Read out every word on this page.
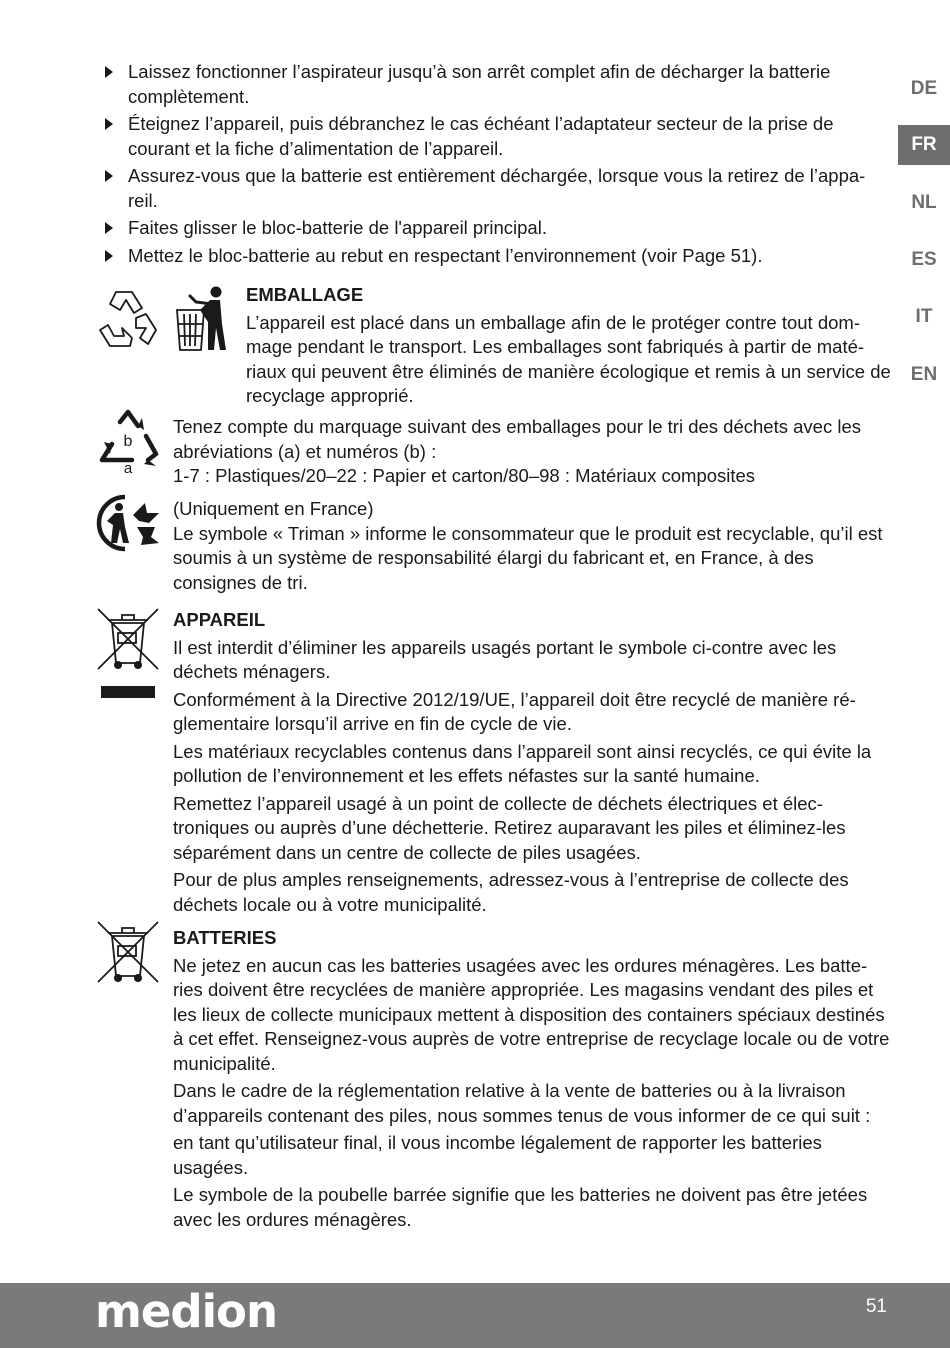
Laissez fonctionner l’aspirateur jusqu’à son arrêt complet afin de décharger la batterie complètement.
Éteignez l’appareil, puis débranchez le cas échéant l’adaptateur secteur de la prise de courant et la fiche d’alimentation de l’appareil.
Assurez-vous que la batterie est entièrement déchargée, lorsque vous la retirez de l’appa-reil.
Faites glisser le bloc-batterie de l'appareil principal.
Mettez le bloc-batterie au rebut en respectant l’environnement (voir Page 51).
DE
FR
NL
ES
IT
EN

EMBALLAGE

L’appareil est placé dans un emballage afin de le protéger contre tout dom-mage pendant le transport. Les emballages sont fabriqués à partir de maté-riaux qui peuvent être éliminés de manière écologique et remis à un service de recyclage approprié.

b
a

Tenez compte du marquage suivant des emballages pour le tri des déchets avec les abréviations (a) et numéros (b) :
1-7 : Plastiques/20–22 : Papier et carton/80–98 : Matériaux composites

(Uniquement en France)
Le symbole « Triman » informe le consommateur que le produit est recyclable, qu’il est soumis à un système de responsabilité élargi du fabricant et, en France, à des consignes de tri.

APPAREIL
Il est interdit d’éliminer les appareils usagés portant le symbole ci-contre avec les déchets ménagers.
Conformément à la Directive 2012/19/UE, l’appareil doit être recyclé de manière ré-glementaire lorsqu’il arrive en fin de cycle de vie.
Les matériaux recyclables contenus dans l’appareil sont ainsi recyclés, ce qui évite la pollution de l’environnement et les effets néfastes sur la santé humaine.
Remettez l’appareil usagé à un point de collecte de déchets électriques et élec-troniques ou auprès d’une déchetterie. Retirez auparavant les piles et éliminez-les séparément dans un centre de collecte de piles usagées.
Pour de plus amples renseignements, adressez-vous à l’entreprise de collecte des déchets locale ou à votre municipalité.
BATTERIES
Ne jetez en aucun cas les batteries usagées avec les ordures ménagères. Les batte-ries doivent être recyclées de manière appropriée. Les magasins vendant des piles et les lieux de collecte municipaux mettent à disposition des containers spéciaux destinés à cet effet. Renseignez-vous auprès de votre entreprise de recyclage locale ou de votre municipalité.
Dans le cadre de la réglementation relative à la vente de batteries ou à la livraison d’appareils contenant des piles, nous sommes tenus de vous informer de ce qui suit :
en tant qu’utilisateur final, il vous incombe légalement de rapporter les batteries usagées.
Le symbole de la poubelle barrée signifie que les batteries ne doivent pas être jetées avec les ordures ménagères.
medion	51
